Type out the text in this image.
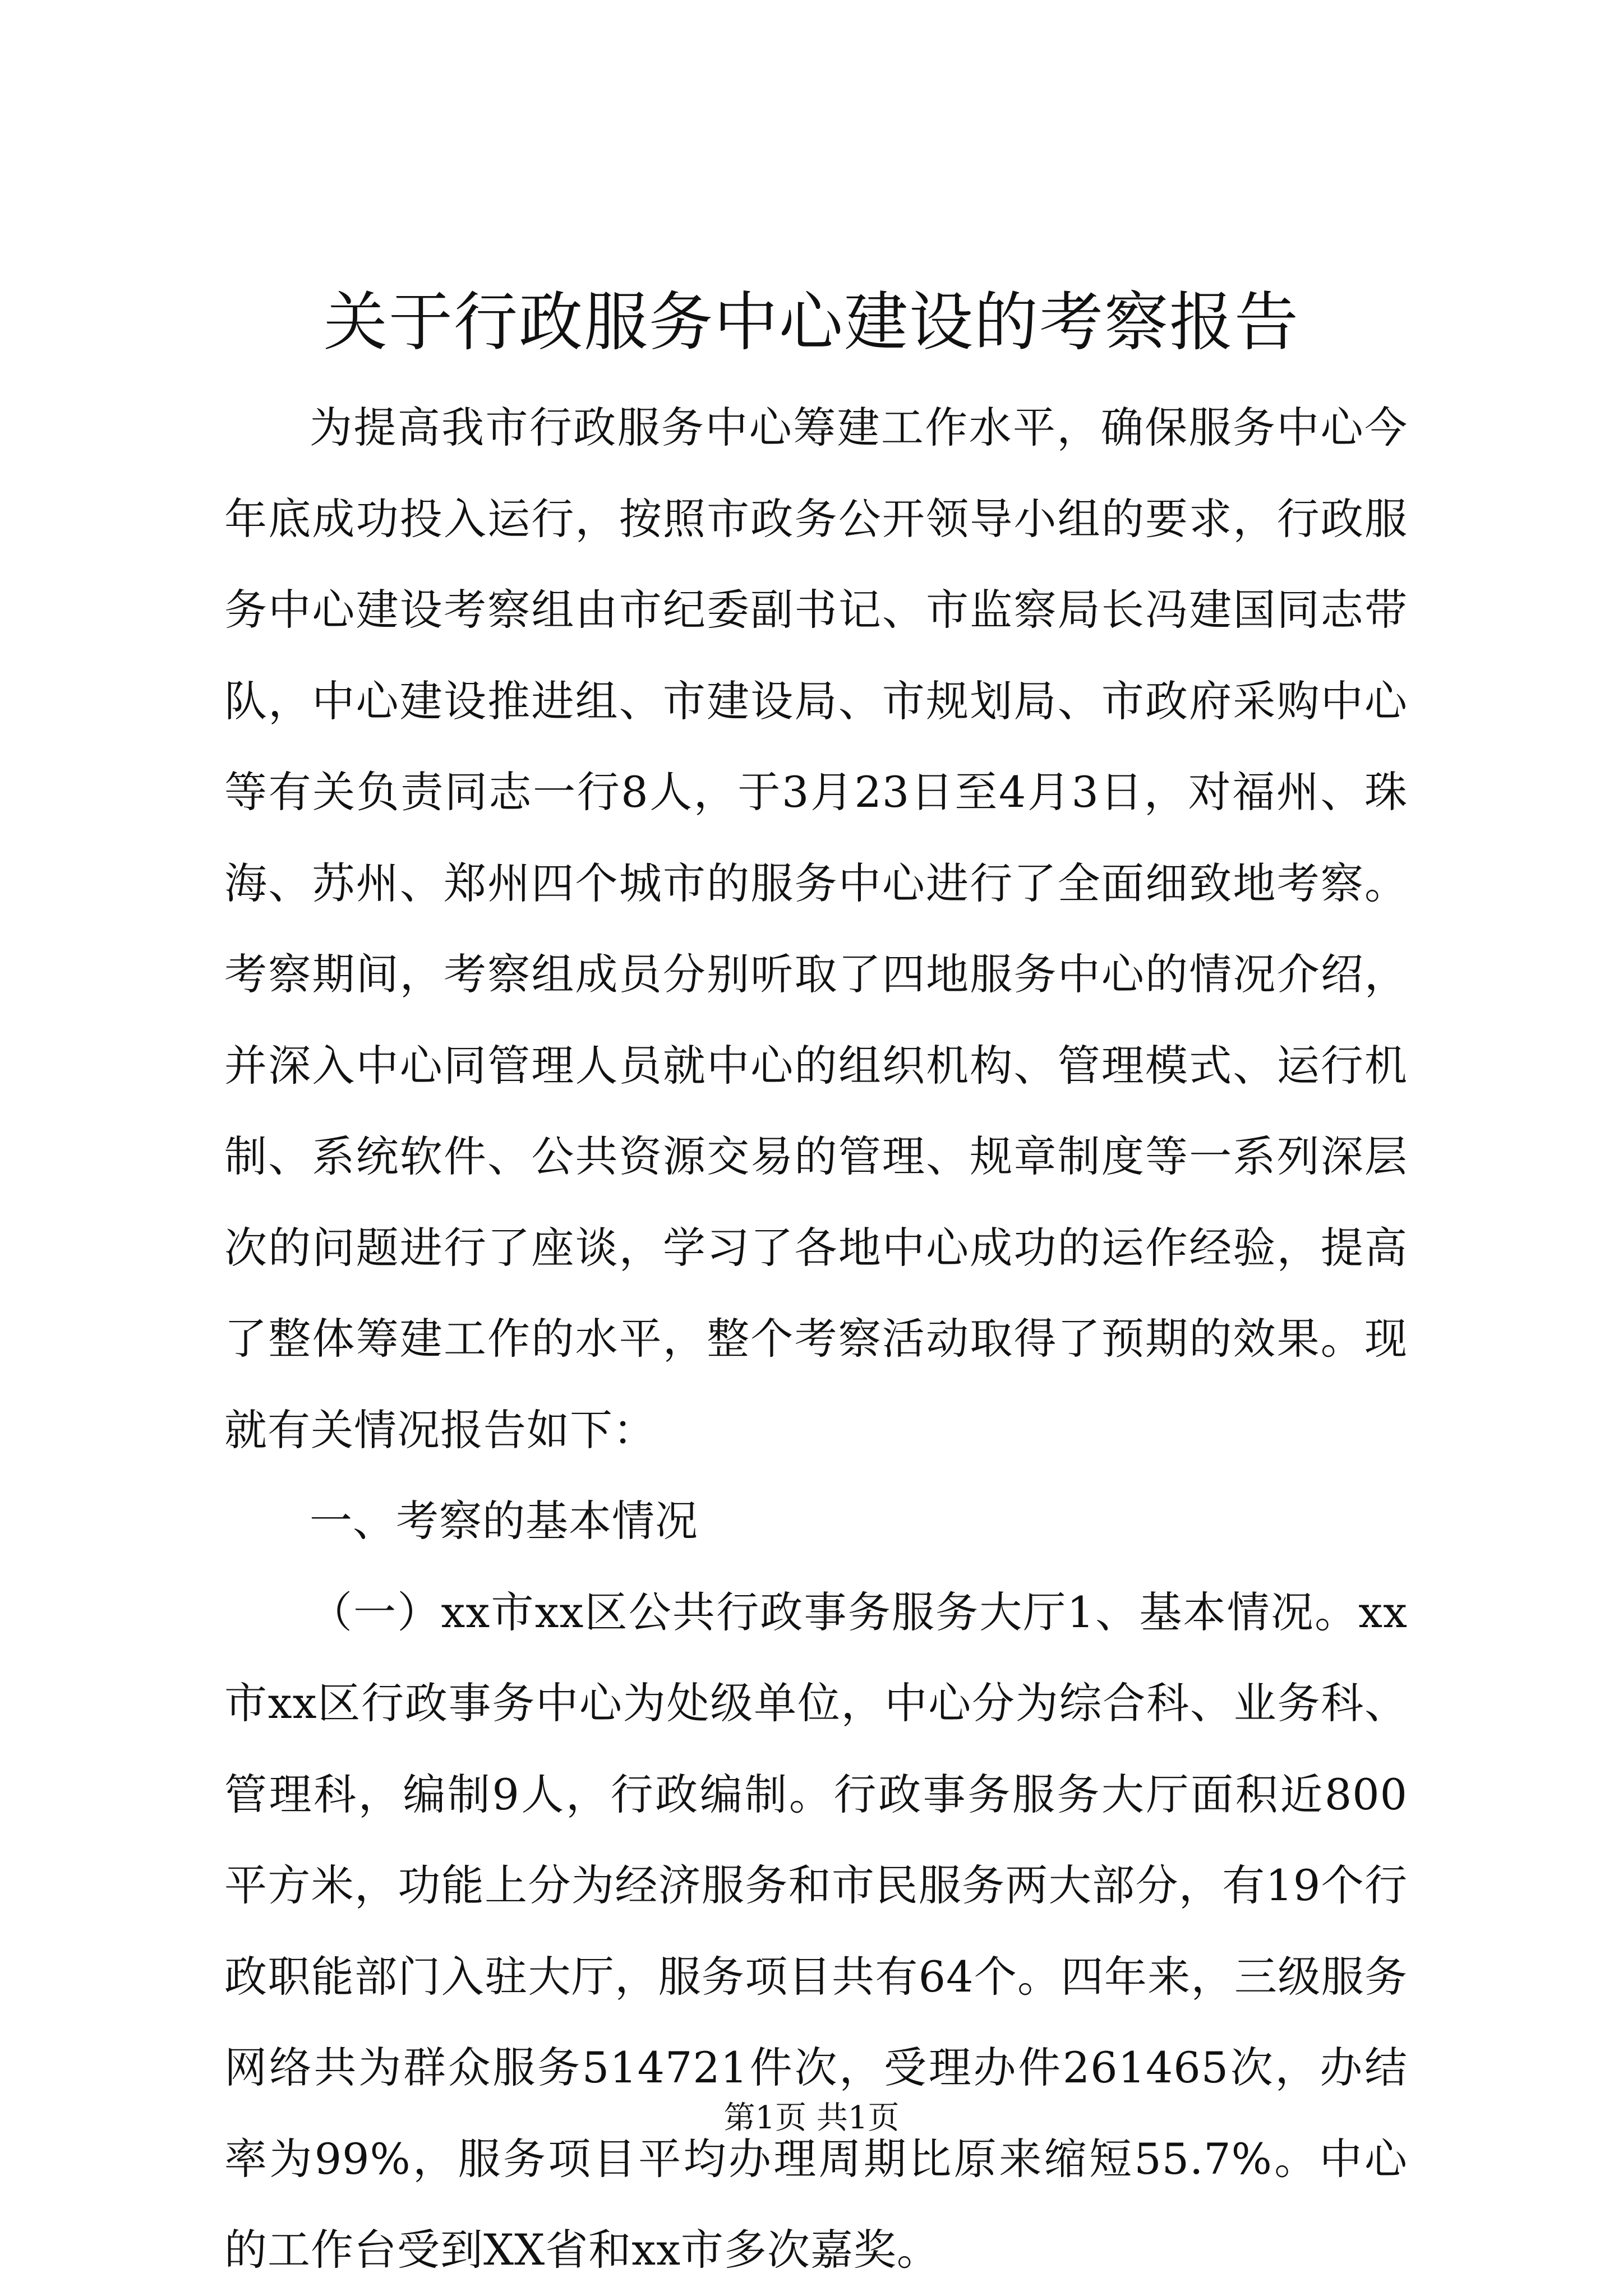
关于行政服务中心建设的考察报告

为提高我市行政服务中心筹建工作水平，确保服务中心今年底成功投入运行，按照市政务公开领导小组的要求，行政服务中心建设考察组由市纪委副书记、市监察局长冯建国同志带队，中心建设推进组、市建设局、市规划局、市政府采购中心等有关负责同志一行8人，于3月23日至4月3日，对福州、珠海、苏州、郑州四个城市的服务中心进行了全面细致地考察。考察期间，考察组成员分别听取了四地服务中心的情况介绍，并深入中心同管理人员就中心的组织机构、管理模式、运行机制、系统软件、公共资源交易的管理、规章制度等一系列深层次的问题进行了座谈，学习了各地中心成功的运作经验，提高了整体筹建工作的水平，整个考察活动取得了预期的效果。现就有关情况报告如下：

一、考察的基本情况

（一）xx市xx区公共行政事务服务大厅1、基本情况。xx市xx区行政事务中心为处级单位，中心分为综合科、业务科、管理科，编制9人，行政编制。行政事务服务大厅面积近800平方米，功能上分为经济服务和市民服务两大部分，有19个行政职能部门入驻大厅，服务项目共有64个。四年来，三级服务网络共为群众服务514721件次，受理办件261465次，办结率为99%，服务项目平均办理周期比原来缩短55.7%。中心的工作台受到XX省和xx市多次嘉奖。

第1页 共1页
